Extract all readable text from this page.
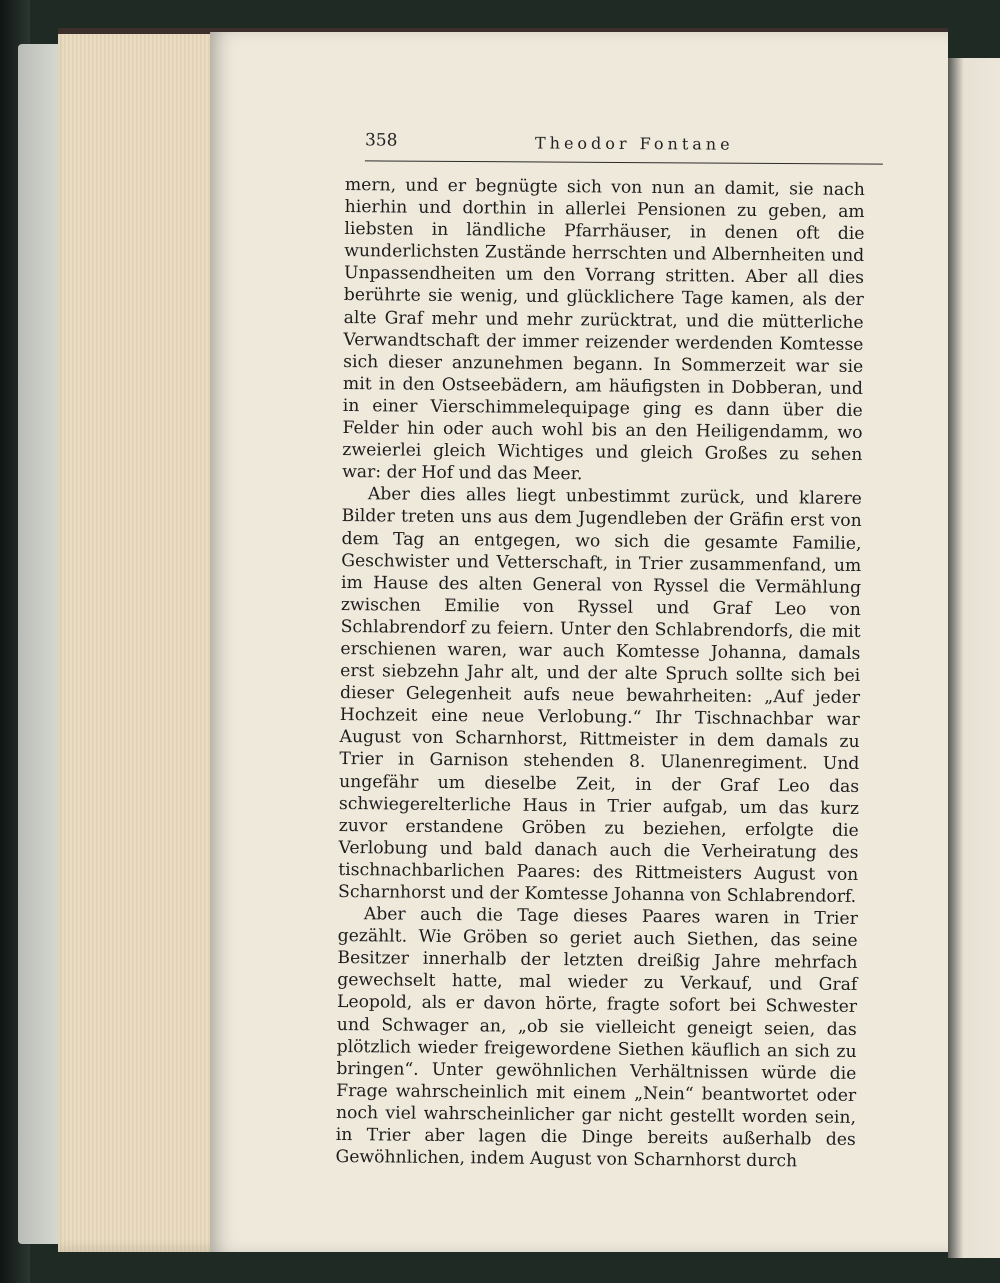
358	Theodor Fontane

mern, und er begnügte sich von nun an damit, sie nach hierhin und dorthin in allerlei Pensionen zu geben, am liebsten in ländliche Pfarrhäuser, in denen oft die wunderlichsten Zustände herrschten und Albernheiten und Unpassendheiten um den Vorrang stritten. Aber all dies berührte sie wenig, und glücklichere Tage kamen, als der alte Graf mehr und mehr zurücktrat, und die mütterliche Verwandtschaft der immer reizender werdenden Komtesse sich dieser anzunehmen begann. In Sommerzeit war sie mit in den Ostseebädern, am häufigsten in Dobberan, und in einer Vierschimmelequipage ging es dann über die Felder hin oder auch wohl bis an den Heiligendamm, wo zweierlei gleich Wichtiges und gleich Großes zu sehen war: der Hof und das Meer.

Aber dies alles liegt unbestimmt zurück, und klarere Bilder treten uns aus dem Jugendleben der Gräfin erst von dem Tag an entgegen, wo sich die gesamte Familie, Geschwister und Vetterschaft, in Trier zusammenfand, um im Hause des alten General von Ryssel die Vermählung zwischen Emilie von Ryssel und Graf Leo von Schlabrendorf zu feiern. Unter den Schlabrendorfs, die mit erschienen waren, war auch Komtesse Johanna, damals erst siebzehn Jahr alt, und der alte Spruch sollte sich bei dieser Gelegenheit aufs neue bewahrheiten: „Auf jeder Hochzeit eine neue Verlobung.“ Ihr Tischnachbar war August von Scharnhorst, Rittmeister in dem damals zu Trier in Garnison stehenden 8. Ulanenregiment. Und ungefähr um dieselbe Zeit, in der Graf Leo das schwiegerelterliche Haus in Trier aufgab, um das kurz zuvor erstandene Gröben zu beziehen, erfolgte die Verlobung und bald danach auch die Verheiratung des tischnachbarlichen Paares: des Rittmeisters August von Scharnhorst und der Komtesse Johanna von Schlabrendorf.

Aber auch die Tage dieses Paares waren in Trier gezählt. Wie Gröben so geriet auch Siethen, das seine Besitzer innerhalb der letzten dreißig Jahre mehrfach gewechselt hatte, mal wieder zu Verkauf, und Graf Leopold, als er davon hörte, fragte sofort bei Schwester und Schwager an, „ob sie vielleicht geneigt seien, das plötzlich wieder freigewordene Siethen käuflich an sich zu bringen“. Unter gewöhnlichen Verhältnissen würde die Frage wahrscheinlich mit einem „Nein“ beantwortet oder noch viel wahrscheinlicher gar nicht gestellt worden sein, in Trier aber lagen die Dinge bereits außerhalb des Gewöhnlichen, indem August von Scharnhorst durch
